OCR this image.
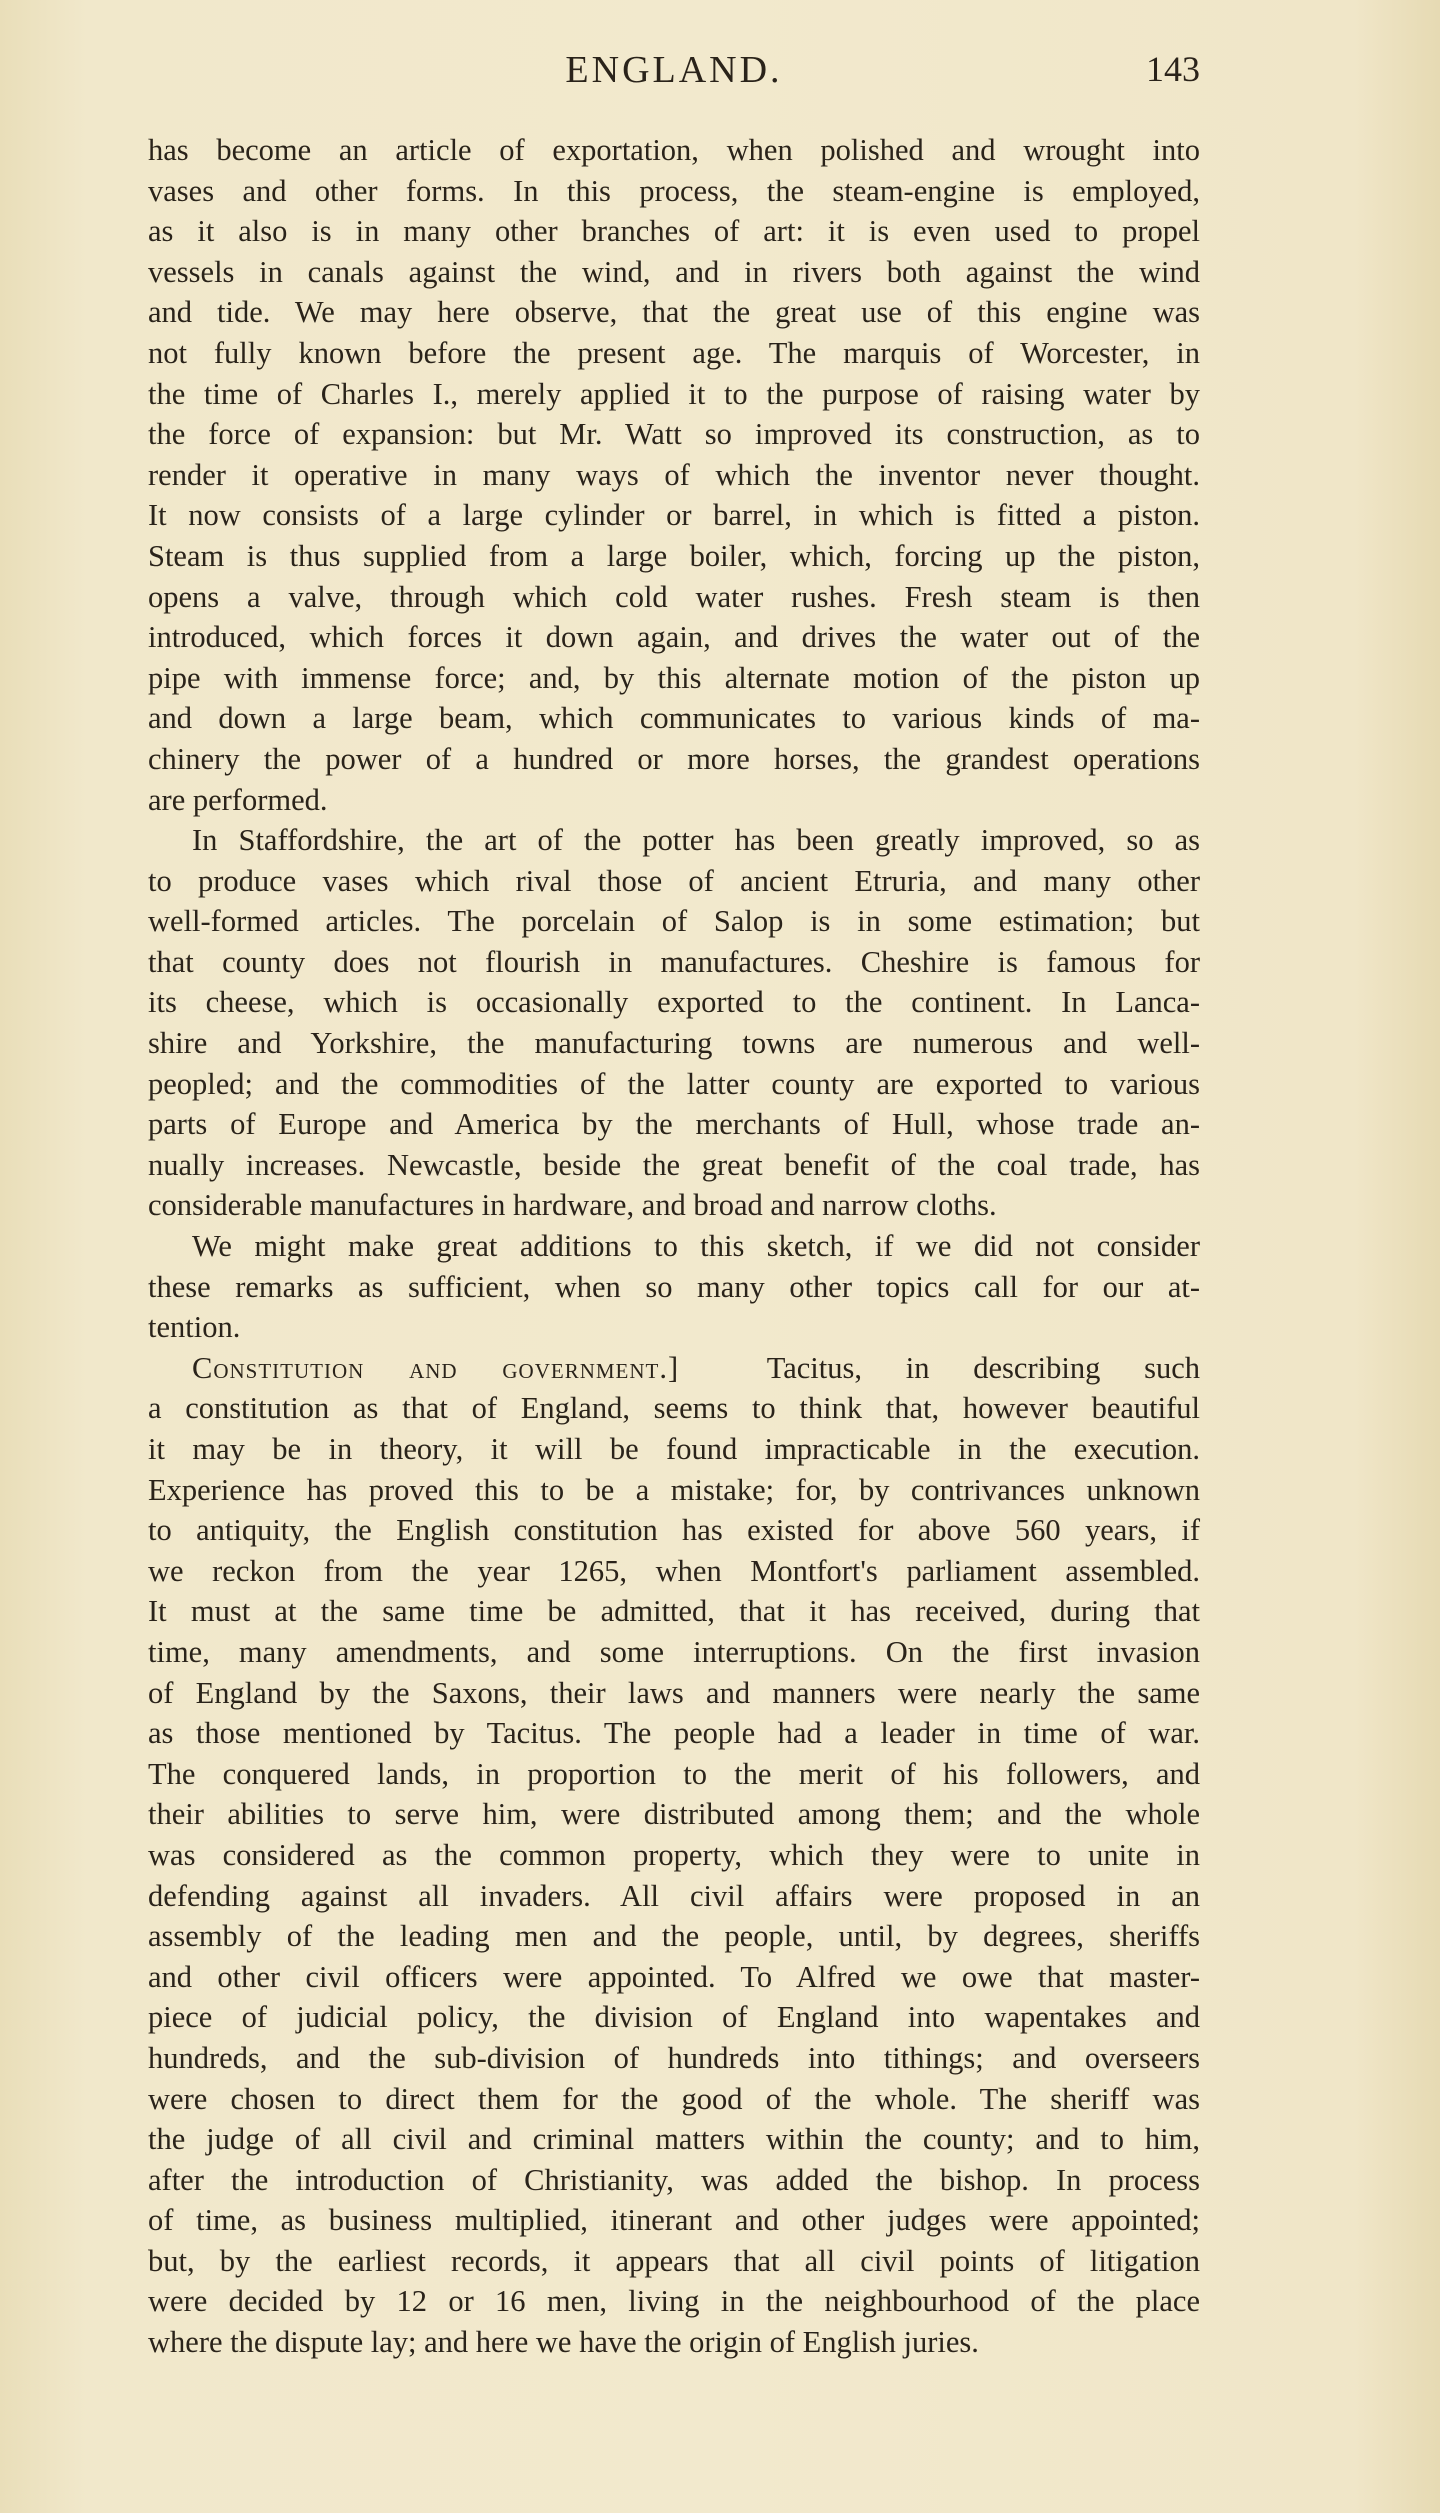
ENGLAND.	143
has become an article of exportation, when polished and wrought into
vases and other forms. In this process, the steam-engine is employed,
as it also is in many other branches of art: it is even used to propel
vessels in canals against the wind, and in rivers both against the wind
and tide. We may here observe, that the great use of this engine was
not fully known before the present age. The marquis of Worcester, in
the time of Charles I., merely applied it to the purpose of raising water by
the force of expansion: but Mr. Watt so improved its construction, as to
render it operative in many ways of which the inventor never thought.
It now consists of a large cylinder or barrel, in which is fitted a piston.
Steam is thus supplied from a large boiler, which, forcing up the piston,
opens a valve, through which cold water rushes. Fresh steam is then
introduced, which forces it down again, and drives the water out of the
pipe with immense force; and, by this alternate motion of the piston up
and down a large beam, which communicates to various kinds of ma-
chinery the power of a hundred or more horses, the grandest operations
are performed.
In Staffordshire, the art of the potter has been greatly improved, so as
to produce vases which rival those of ancient Etruria, and many other
well-formed articles. The porcelain of Salop is in some estimation; but
that county does not flourish in manufactures. Cheshire is famous for
its cheese, which is occasionally exported to the continent. In Lanca-
shire and Yorkshire, the manufacturing towns are numerous and well-
peopled; and the commodities of the latter county are exported to various
parts of Europe and America by the merchants of Hull, whose trade an-
nually increases. Newcastle, beside the great benefit of the coal trade, has
considerable manufactures in hardware, and broad and narrow cloths.
We might make great additions to this sketch, if we did not consider
these remarks as sufficient, when so many other topics call for our at-
tention.
Constitution and government.]	Tacitus, in describing such
a constitution as that of England, seems to think that, however beautiful
it may be in theory, it will be found impracticable in the execution.
Experience has proved this to be a mistake; for, by contrivances unknown
to antiquity, the English constitution has existed for above 560 years, if
we reckon from the year 1265, when Montfort's parliament assembled.
It must at the same time be admitted, that it has received, during that
time, many amendments, and some interruptions. On the first invasion
of England by the Saxons, their laws and manners were nearly the same
as those mentioned by Tacitus. The people had a leader in time of war.
The conquered lands, in proportion to the merit of his followers, and
their abilities to serve him, were distributed among them; and the whole
was considered as the common property, which they were to unite in
defending against all invaders. All civil affairs were proposed in an
assembly of the leading men and the people, until, by degrees, sheriffs
and other civil officers were appointed. To Alfred we owe that master-
piece of judicial policy, the division of England into wapentakes and
hundreds, and the sub-division of hundreds into tithings; and overseers
were chosen to direct them for the good of the whole. The sheriff was
the judge of all civil and criminal matters within the county; and to him,
after the introduction of Christianity, was added the bishop. In process
of time, as business multiplied, itinerant and other judges were appointed;
but, by the earliest records, it appears that all civil points of litigation
were decided by 12 or 16 men, living in the neighbourhood of the place
where the dispute lay; and here we have the origin of English juries.
